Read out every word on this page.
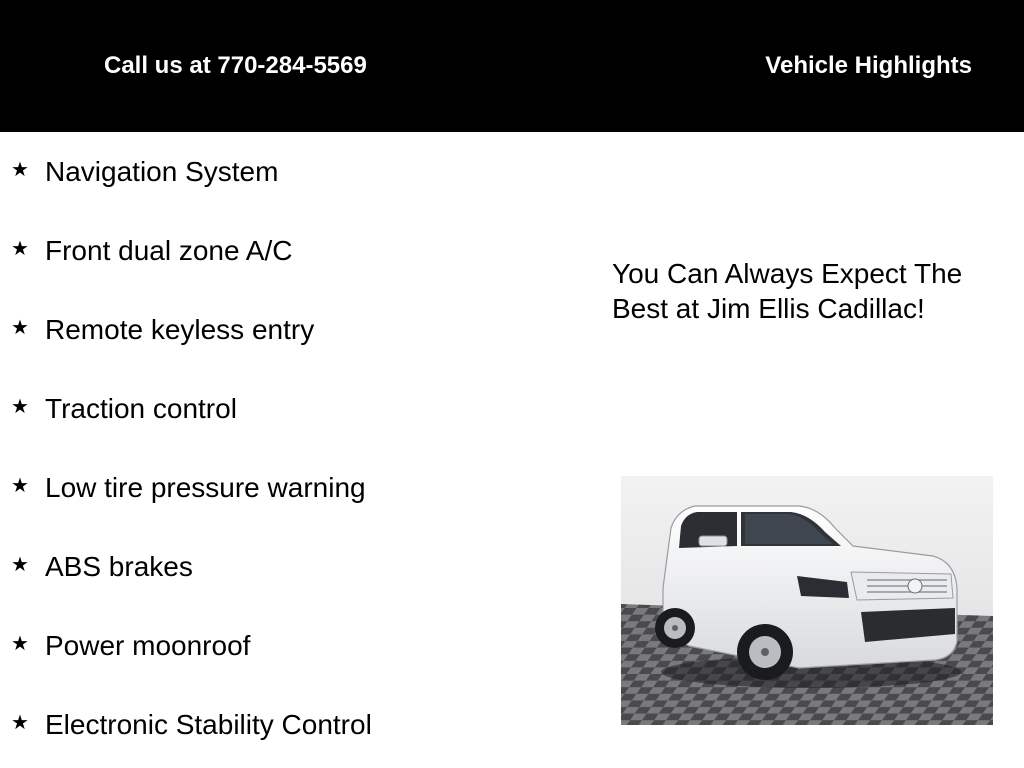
Call us at 770-284-5569	Vehicle Highlights
★ Navigation System
★ Front dual zone A/C
★ Remote keyless entry
★ Traction control
★ Low tire pressure warning
★ ABS brakes
★ Power moonroof
★ Electronic Stability Control
You Can Always Expect The Best at Jim Ellis Cadillac!
